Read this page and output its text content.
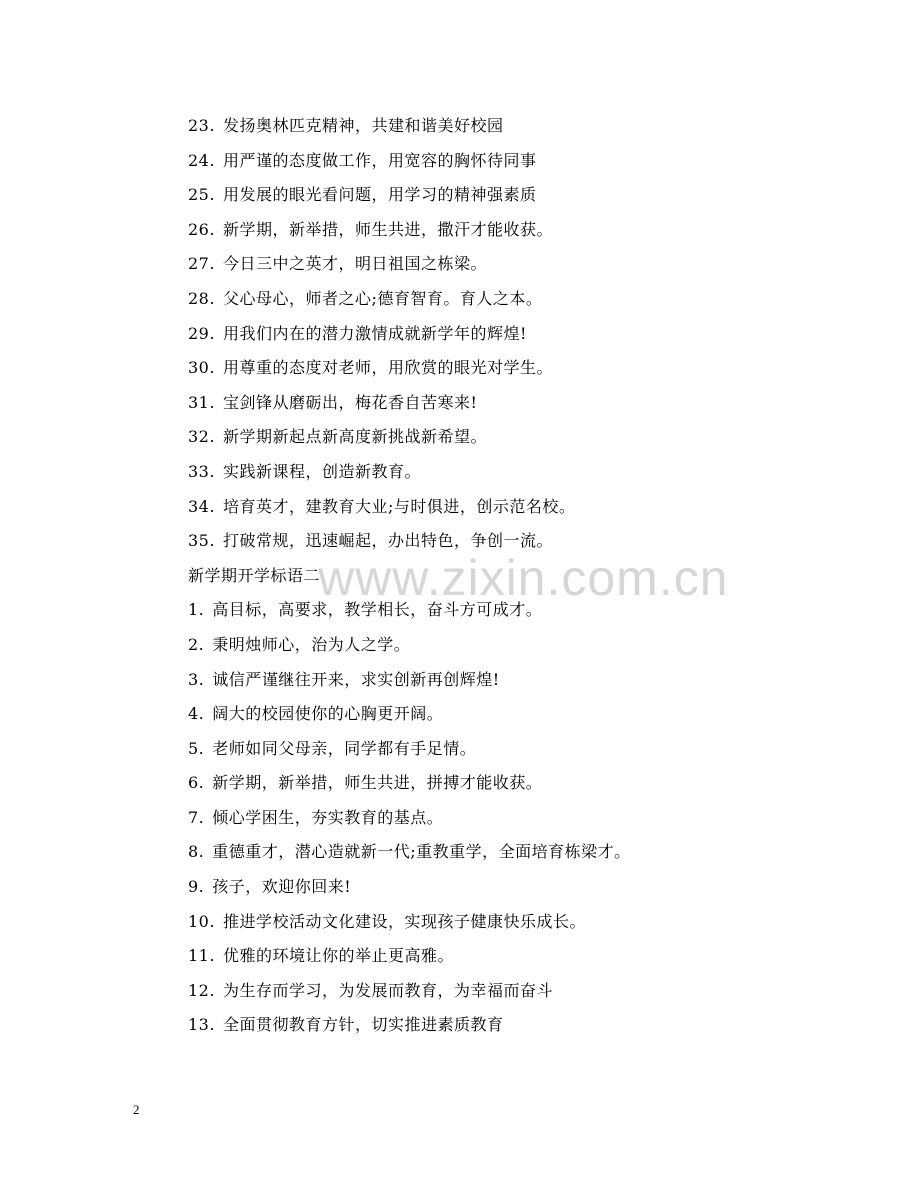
23. 发扬奥林匹克精神，共建和谐美好校园
24. 用严谨的态度做工作，用宽容的胸怀待同事
25. 用发展的眼光看问题，用学习的精神强素质
26. 新学期，新举措，师生共进，撒汗才能收获。
27. 今日三中之英才，明日祖国之栋梁。
28. 父心母心，师者之心;德育智育。育人之本。
29. 用我们内在的潜力激情成就新学年的辉煌!
30. 用尊重的态度对老师，用欣赏的眼光对学生。
31. 宝剑锋从磨砺出，梅花香自苦寒来!
32. 新学期新起点新高度新挑战新希望。
33. 实践新课程，创造新教育。
34. 培育英才，建教育大业;与时俱进，创示范名校。
35. 打破常规，迅速崛起，办出特色，争创一流。
新学期开学标语二
1. 高目标，高要求，教学相长，奋斗方可成才。
2. 秉明烛师心，治为人之学。
3. 诚信严谨继往开来，求实创新再创辉煌!
4. 阔大的校园使你的心胸更开阔。
5. 老师如同父母亲，同学都有手足情。
6. 新学期，新举措，师生共进，拼搏才能收获。
7. 倾心学困生，夯实教育的基点。
8. 重德重才，潜心造就新一代;重教重学，全面培育栋梁才。
9. 孩子，欢迎你回来!
10. 推进学校活动文化建设，实现孩子健康快乐成长。
11. 优雅的环境让你的举止更高雅。
12. 为生存而学习，为发展而教育，为幸福而奋斗
13. 全面贯彻教育方针，切实推进素质教育
www.zixin.com.cn
2
